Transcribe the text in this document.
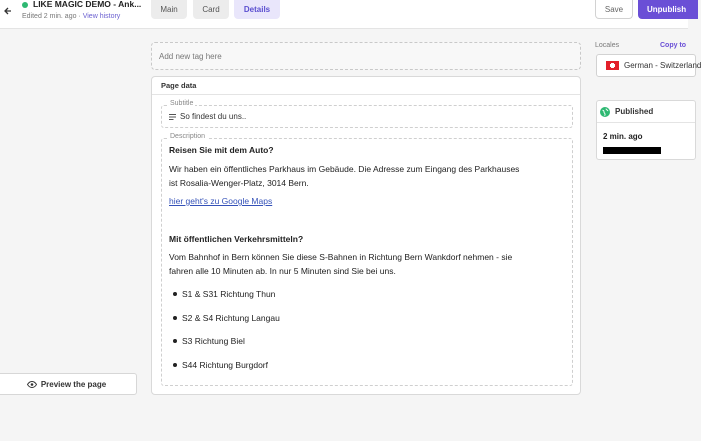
LIKE MAGIC DEMO - Ank...
Edited 2 min. ago · View history
Main	Card	Details	Save	Unpublish
Preview the page
Add new tag here
Page data
Subtitle
So findest du uns..
Description
Reisen Sie mit dem Auto?
Wir haben ein öffentliches Parkhaus im Gebäude. Die Adresse zum Eingang des Parkhauses
ist Rosalia-Wenger-Platz, 3014 Bern.
hier geht's zu Google Maps
Mit öffentlichen Verkehrsmitteln?
Vom Bahnhof in Bern können Sie diese S-Bahnen in Richtung Bern Wankdorf nehmen - sie
fahren alle 10 Minuten ab. In nur 5 Minuten sind Sie bei uns.
S1 & S31 Richtung Thun
S2 & S4 Richtung Langau
S3 Richtung Biel
S44 Richtung Burgdorf
Locales	Copy to
German - Switzerland
Published
2 min. ago
